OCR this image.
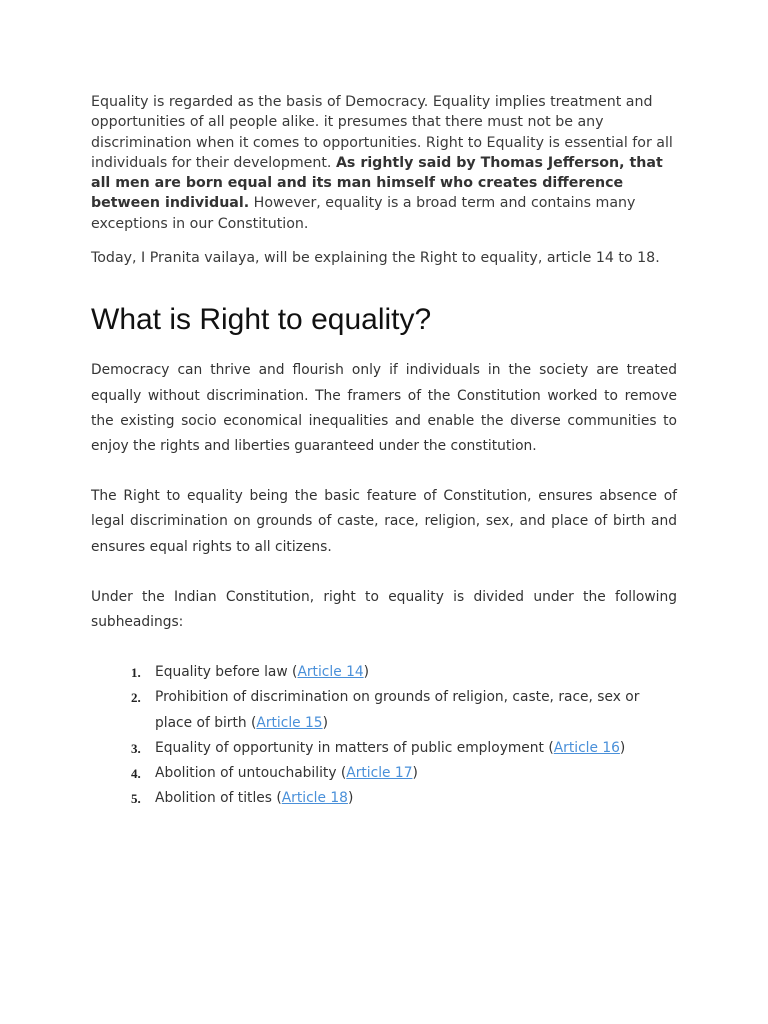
Equality is regarded as the basis of Democracy. Equality implies treatment and opportunities of all people alike. it presumes that there must not be any discrimination when it comes to opportunities. Right to Equality is essential for all individuals for their development. As rightly said by Thomas Jefferson, that all men are born equal and its man himself who creates difference between individual. However, equality is a broad term and contains many exceptions in our Constitution.

Today, I Pranita vailaya, will be explaining the Right to equality, article 14 to 18.

What is Right to equality?

Democracy can thrive and flourish only if individuals in the society are treated equally without discrimination. The framers of the Constitution worked to remove the existing socio economical inequalities and enable the diverse communities to enjoy the rights and liberties guaranteed under the constitution.

The Right to equality being the basic feature of Constitution, ensures absence of legal discrimination on grounds of caste, race, religion, sex, and place of birth and ensures equal rights to all citizens.

Under the Indian Constitution, right to equality is divided under the following subheadings:

1. Equality before law (Article 14)
2. Prohibition of discrimination on grounds of religion, caste, race, sex or place of birth (Article 15)
3. Equality of opportunity in matters of public employment (Article 16)
4. Abolition of untouchability (Article 17)
5. Abolition of titles (Article 18)
